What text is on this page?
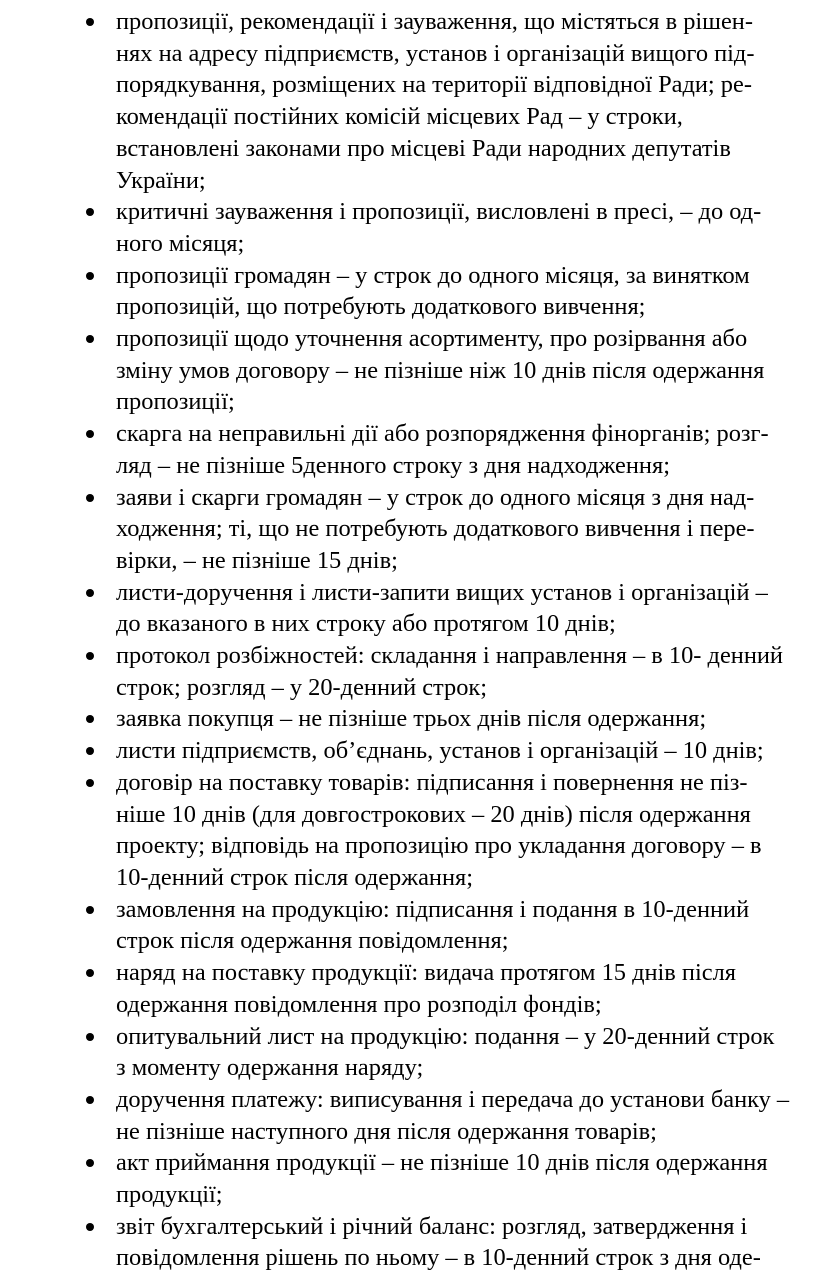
пропозиції, рекомендації і зауваження, що містяться в рішен-
нях на адресу підприємств, установ і організацій вищого під-
порядкування, розміщених на території відповідної Ради; ре-
комендації постійних комісій місцевих Рад – у строки,
встановлені законами про місцеві Ради народних депутатів
України;
критичні зауваження і пропозиції, висловлені в пресі, – до од-
ного місяця;
пропозиції громадян – у строк до одного місяця, за винятком
пропозицій, що потребують додаткового вивчення;
пропозиції щодо уточнення асортименту, про розірвання або
зміну умов договору – не пізніше ніж 10 днів після одержання
пропозиції;
скарга на неправильні дії або розпорядження фінорганів; розг-
ляд – не пізніше 5денного строку з дня надходження;
заяви і скарги громадян – у строк до одного місяця з дня над-
ходження; ті, що не потребують додаткового вивчення і пере-
вірки, – не пізніше 15 днів;
листи-доручення і листи-запити вищих установ і організацій –
до вказаного в них строку або протягом 10 днів;
протокол розбіжностей: складання і направлення – в 10- денний
строк; розгляд – у 20-денний строк;
заявка покупця – не пізніше трьох днів після одержання;
листи підприємств, об’єднань, установ і організацій – 10 днів;
договір на поставку товарів: підписання і повернення не піз-
ніше 10 днів (для довгострокових – 20 днів) після одержання
проекту; відповідь на пропозицію про укладання договору – в
10-денний строк після одержання;
замовлення на продукцію: підписання і подання в 10-денний
строк після одержання повідомлення;
наряд на поставку продукції: видача протягом 15 днів після
одержання повідомлення про розподіл фондів;
опитувальний лист на продукцію: подання – у 20-денний строк
з моменту одержання наряду;
доручення платежу: виписування і передача до установи банку –
не пізніше наступного дня після одержання товарів;
акт приймання продукції – не пізніше 10 днів після одержання
продукції;
звіт бухгалтерський і річний баланс: розгляд, затвердження і
повідомлення рішень по ньому – в 10-денний строк з дня оде-
